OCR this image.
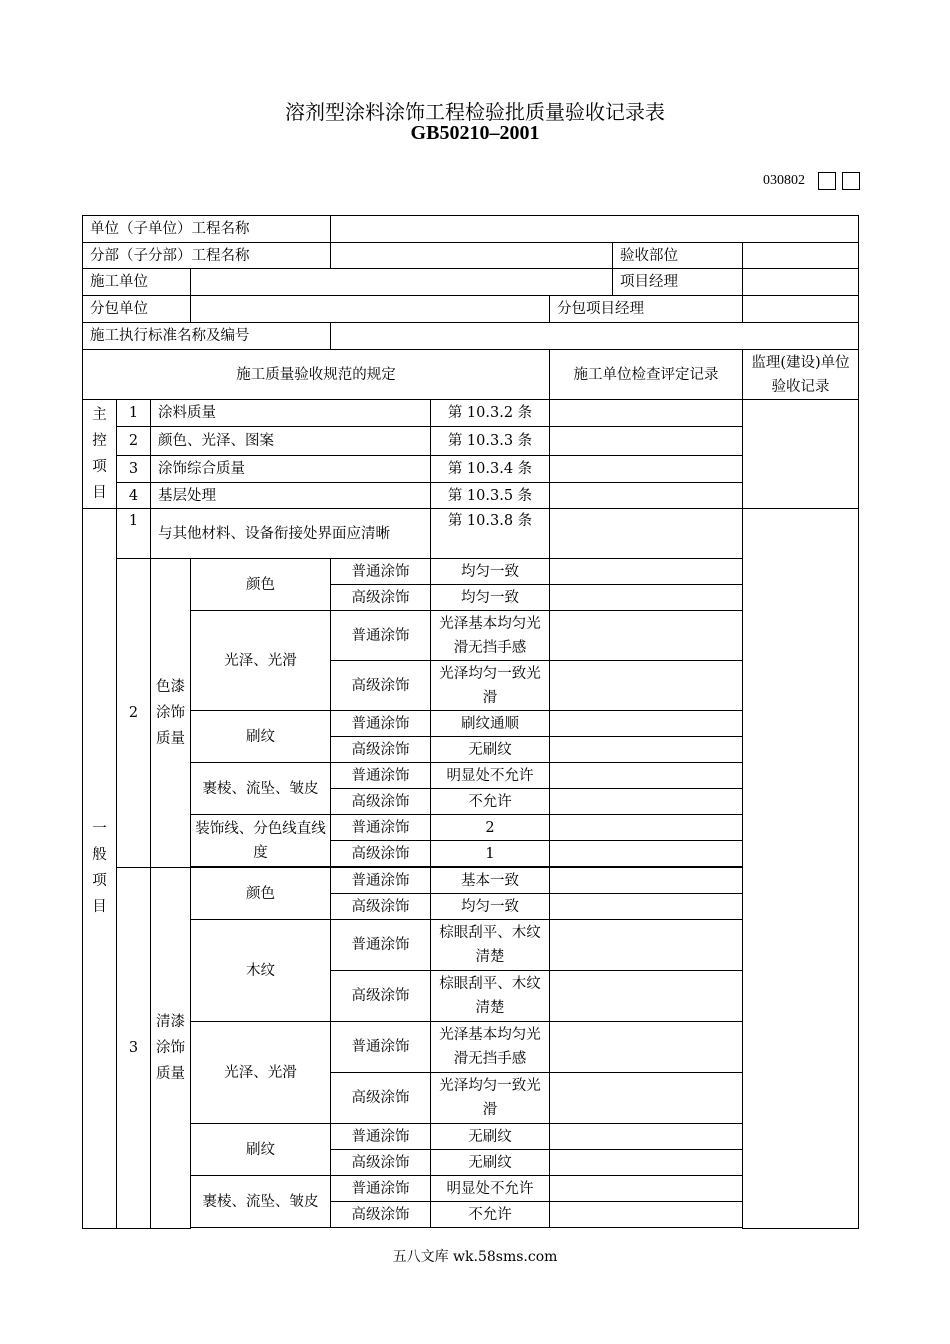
溶剂型涂料涂饰工程检验批质量验收记录表
GB50210‒2001
030802
单位（子单位）工程名称								
分部（子分部）工程名称							验收部位	
施工单位							项目经理	
分包单位						分包项目经理		
施工执行标准名称及编号								
施工质量验收规范的规定						施工单位检查评定记录		监理(建设)单位验收记录
主控项目	1	涂料质量			第 10.3.2 条			
	2	颜色、光泽、图案			第 10.3.3 条			
	3	涂饰综合质量			第 10.3.4 条			
	4	基层处理			第 10.3.5 条			
一般项目	1	与其他材料、设备衔接处界面应清晰			第 10.3.8 条			
	2	色漆涂饰质量	颜色	普通涂饰	均匀一致			
				高级涂饰	均匀一致			
			光泽、光滑	普通涂饰	光泽基本均匀光滑无挡手感			
				高级涂饰	光泽均匀一致光滑			
			刷纹	普通涂饰	刷纹通顺			
				高级涂饰	无刷纹			
			裹棱、流坠、皱皮	普通涂饰	明显处不允许			
				高级涂饰	不允许			
			装饰线、分色线直线度	普通涂饰	2			
				高级涂饰	1			

	3	清漆涂饰质量	颜色	普通涂饰	基本一致			
				高级涂饰	均匀一致			
			木纹	普通涂饰	棕眼刮平、木纹清楚			
				高级涂饰	棕眼刮平、木纹清楚			
			光泽、光滑	普通涂饰	光泽基本均匀光滑无挡手感			
				高级涂饰	光泽均匀一致光滑			
			刷纹	普通涂饰	无刷纹			
				高级涂饰	无刷纹			
			裹棱、流坠、皱皮	普通涂饰	明显处不允许			
				高级涂饰	不允许			

五八文库 wk.58sms.com
